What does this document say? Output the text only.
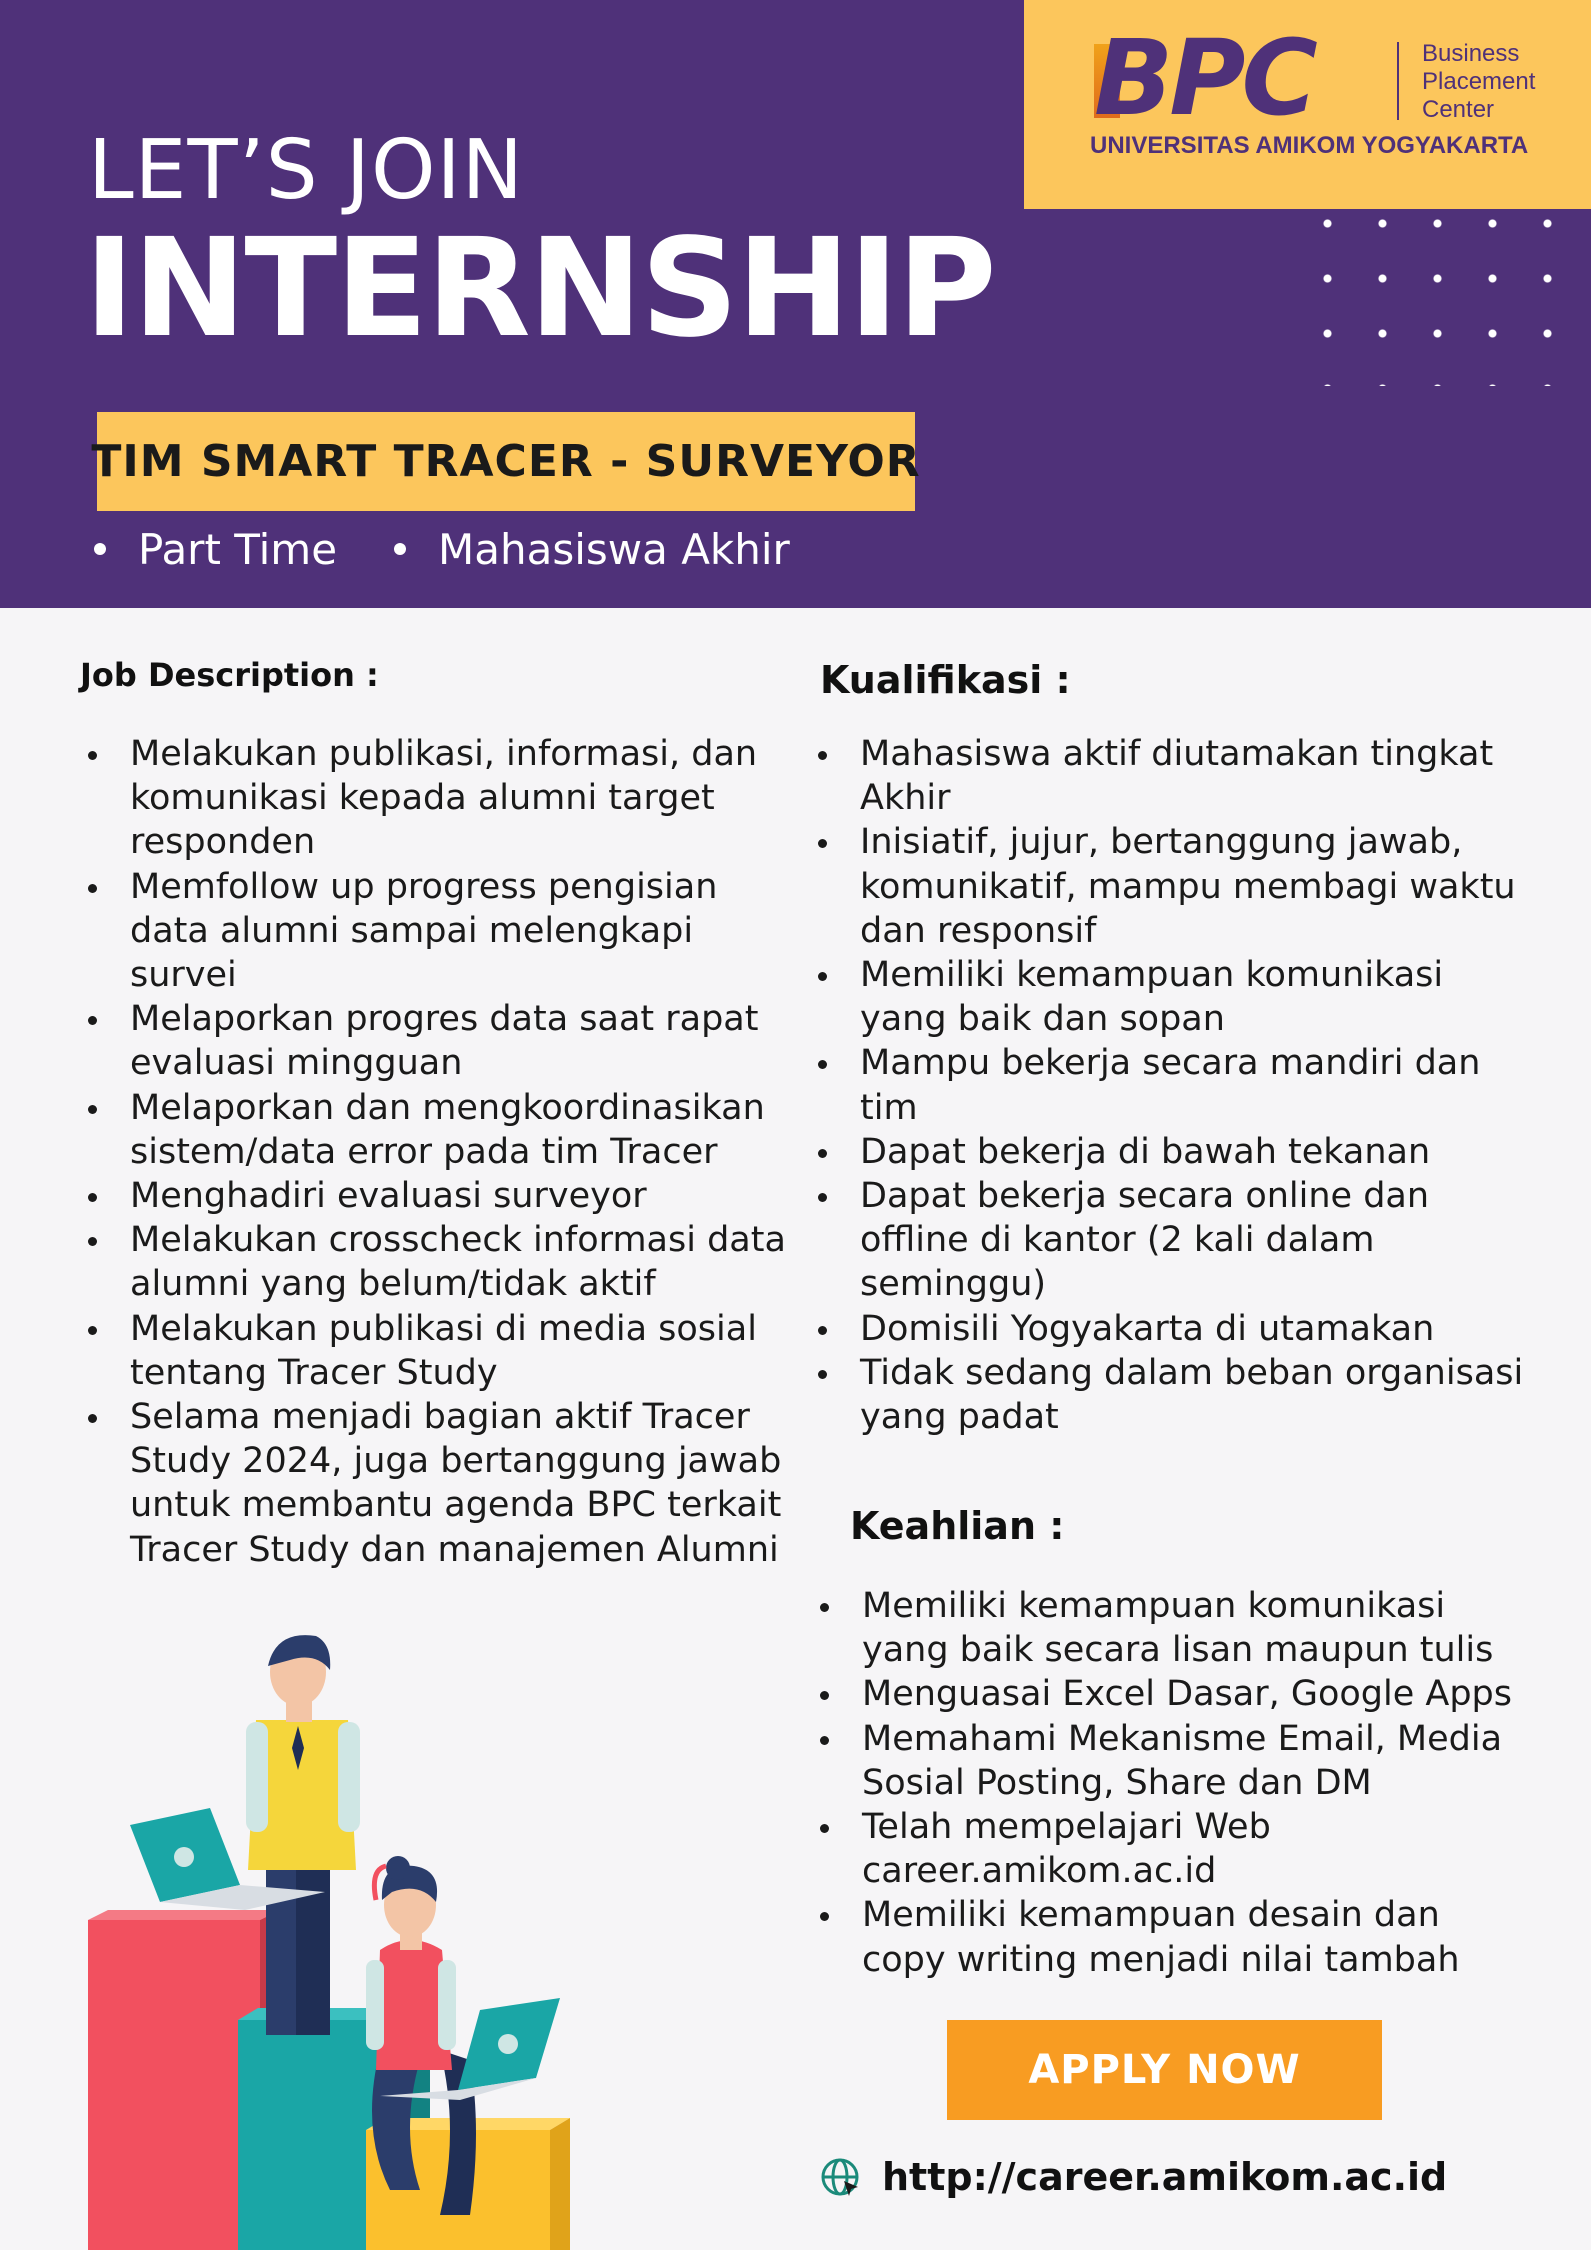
LET’S JOIN
INTERNSHIP
TIM SMART TRACER - SURVEYOR
Part Time	Mahasiswa Akhir
BPC	Business
Placement
Center
UNIVERSITAS AMIKOM YOGYAKARTA
Job Description :
Melakukan publikasi, informasi, dan komunikasi kepada alumni target responden
Memfollow up progress pengisian data alumni sampai melengkapi survei
Melaporkan progres data saat rapat evaluasi mingguan
Melaporkan dan mengkoordinasikan sistem/data error pada tim Tracer
Menghadiri evaluasi surveyor
Melakukan crosscheck informasi data alumni yang belum/tidak aktif
Melakukan publikasi di media sosial tentang Tracer Study
Selama menjadi bagian aktif Tracer Study 2024, juga bertanggung jawab untuk membantu agenda BPC terkait Tracer Study dan manajemen Alumni
Kualifikasi :
Mahasiswa aktif diutamakan tingkat Akhir
Inisiatif, jujur, bertanggung jawab, komunikatif, mampu membagi waktu dan responsif
Memiliki kemampuan komunikasi yang baik dan sopan
Mampu bekerja secara mandiri dan tim
Dapat bekerja di bawah tekanan
Dapat bekerja secara online dan offline di kantor (2 kali dalam seminggu)
Domisili Yogyakarta di utamakan
Tidak sedang dalam beban organisasi yang padat
Keahlian :
Memiliki kemampuan komunikasi yang baik secara lisan maupun tulis
Menguasai Excel Dasar, Google Apps
Memahami Mekanisme Email, Media Sosial Posting, Share dan DM
Telah mempelajari Web career.amikom.ac.id
Memiliki kemampuan desain dan copy writing menjadi nilai tambah
APPLY NOW
http://career.amikom.ac.id
